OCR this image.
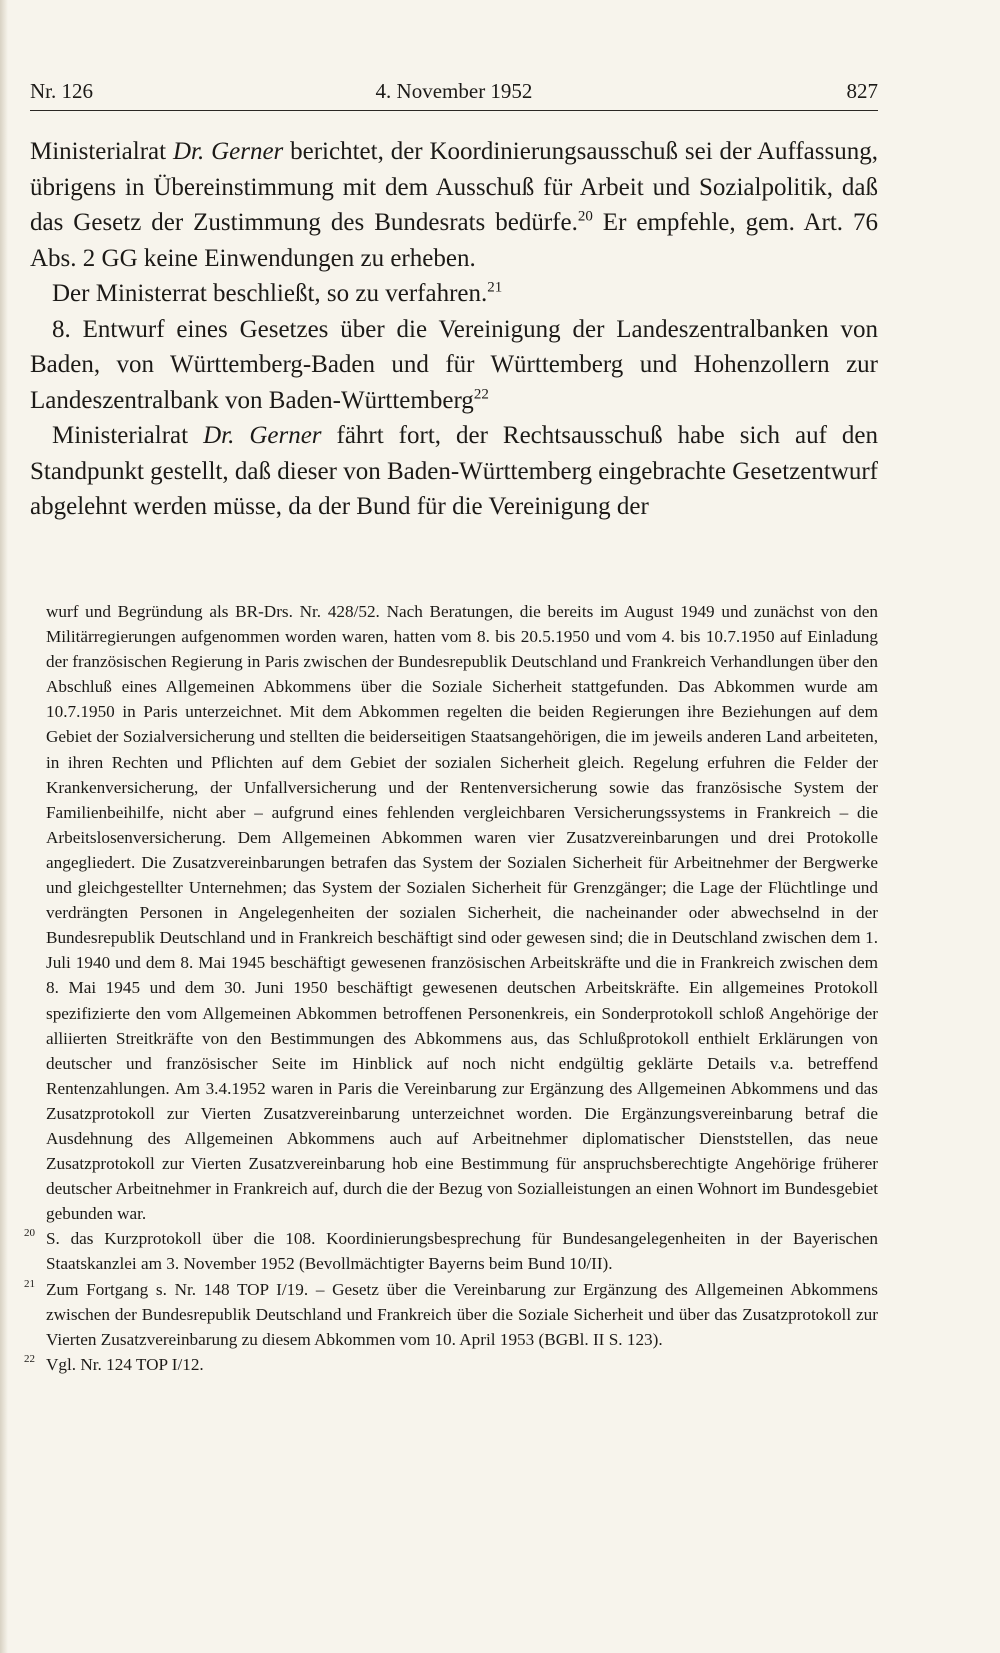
Nr. 126	4. November 1952	827

Ministerialrat Dr. Gerner berichtet, der Koordinierungsausschuß sei der Auffassung, übrigens in Übereinstimmung mit dem Ausschuß für Arbeit und Sozialpolitik, daß das Gesetz der Zustimmung des Bundesrats bedürfe.$^{20}$ Er empfehle, gem. Art. 76 Abs. 2 GG keine Einwendungen zu erheben.

Der Ministerrat beschließt, so zu verfahren.$^{21}$

8. Entwurf eines Gesetzes über die Vereinigung der Landeszentralbanken von Baden, von Württemberg-Baden und für Württemberg und Hohenzollern zur Landeszentralbank von Baden-Württemberg$^{22}$

Ministerialrat Dr. Gerner fährt fort, der Rechtsausschuß habe sich auf den Standpunkt gestellt, daß dieser von Baden-Württemberg eingebrachte Gesetzentwurf abgelehnt werden müsse, da der Bund für die Vereinigung der

wurf und Begründung als BR-Drs. Nr. 428/52. Nach Beratungen, die bereits im August 1949 und zunächst von den Militärregierungen aufgenommen worden waren, hatten vom 8. bis 20.5.1950 und vom 4. bis 10.7.1950 auf Einladung der französischen Regierung in Paris zwischen der Bundesrepublik Deutschland und Frankreich Verhandlungen über den Abschluß eines Allgemeinen Abkommens über die Soziale Sicherheit stattgefunden. Das Abkommen wurde am 10.7.1950 in Paris unterzeichnet. Mit dem Abkommen regelten die beiden Regierungen ihre Beziehungen auf dem Gebiet der Sozialversicherung und stellten die beiderseitigen Staatsangehörigen, die im jeweils anderen Land arbeiteten, in ihren Rechten und Pflichten auf dem Gebiet der sozialen Sicherheit gleich. Regelung erfuhren die Felder der Krankenversicherung, der Unfallversicherung und der Rentenversicherung sowie das französische System der Familienbeihilfe, nicht aber – aufgrund eines fehlenden vergleichbaren Versicherungssystems in Frankreich – die Arbeitslosenversicherung. Dem Allgemeinen Abkommen waren vier Zusatzvereinbarungen und drei Protokolle angegliedert. Die Zusatzvereinbarungen betrafen das System der Sozialen Sicherheit für Arbeitnehmer der Bergwerke und gleichgestellter Unternehmen; das System der Sozialen Sicherheit für Grenzgänger; die Lage der Flüchtlinge und verdrängten Personen in Angelegenheiten der sozialen Sicherheit, die nacheinander oder abwechselnd in der Bundesrepublik Deutschland und in Frankreich beschäftigt sind oder gewesen sind; die in Deutschland zwischen dem 1. Juli 1940 und dem 8. Mai 1945 beschäftigt gewesenen französischen Arbeitskräfte und die in Frankreich zwischen dem 8. Mai 1945 und dem 30. Juni 1950 beschäftigt gewesenen deutschen Arbeitskräfte. Ein allgemeines Protokoll spezifizierte den vom Allgemeinen Abkommen betroffenen Personenkreis, ein Sonderprotokoll schloß Angehörige der alliierten Streitkräfte von den Bestimmungen des Abkommens aus, das Schlußprotokoll enthielt Erklärungen von deutscher und französischer Seite im Hinblick auf noch nicht endgültig geklärte Details v.a. betreffend Rentenzahlungen. Am 3.4.1952 waren in Paris die Vereinbarung zur Ergänzung des Allgemeinen Abkommens und das Zusatzprotokoll zur Vierten Zusatzvereinbarung unterzeichnet worden. Die Ergänzungsvereinbarung betraf die Ausdehnung des Allgemeinen Abkommens auch auf Arbeitnehmer diplomatischer Dienststellen, das neue Zusatzprotokoll zur Vierten Zusatzvereinbarung hob eine Bestimmung für anspruchsberechtigte Angehörige früherer deutscher Arbeitnehmer in Frankreich auf, durch die der Bezug von Sozialleistungen an einen Wohnort im Bundesgebiet gebunden war.

20 S. das Kurzprotokoll über die 108. Koordinierungsbesprechung für Bundesangelegenheiten in der Bayerischen Staatskanzlei am 3. November 1952 (Bevollmächtigter Bayerns beim Bund 10/II).

21 Zum Fortgang s. Nr. 148 TOP I/19. – Gesetz über die Vereinbarung zur Ergänzung des Allgemeinen Abkommens zwischen der Bundesrepublik Deutschland und Frankreich über die Soziale Sicherheit und über das Zusatzprotokoll zur Vierten Zusatzvereinbarung zu diesem Abkommen vom 10. April 1953 (BGBl. II S. 123).

22 Vgl. Nr. 124 TOP I/12.
